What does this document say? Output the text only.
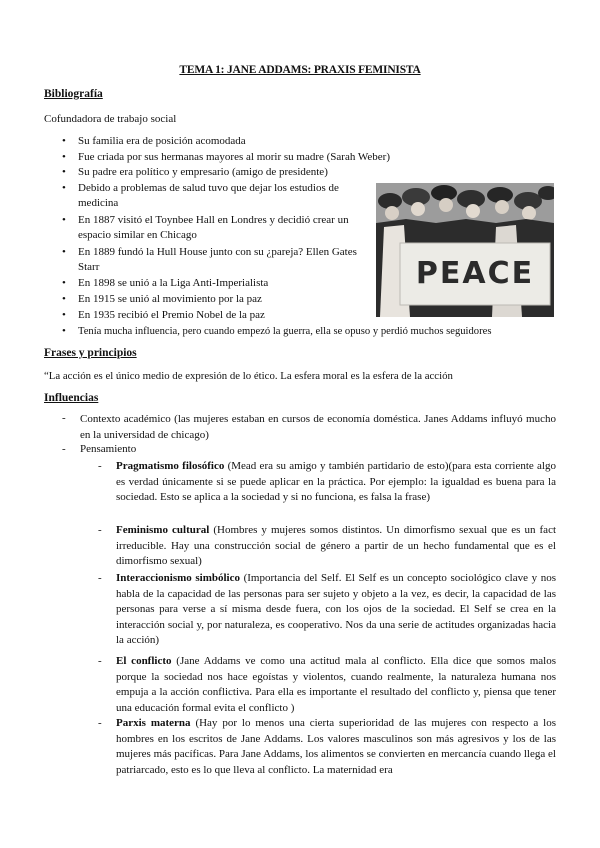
TEMA 1: JANE ADDAMS: PRAXIS FEMINISTA
Bibliografía
Cofundadora de trabajo social
• Su familia era de posición acomodada
• Fue criada por sus hermanas mayores al morir su madre (Sarah Weber)
• Su padre era político y empresario (amigo de presidente)
• Debido a problemas de salud tuvo que dejar los estudios de medicina
• En 1887 visitó el Toynbee Hall en Londres y decidió crear un espacio similar en Chicago
• En 1889 fundó la Hull House junto con su ¿pareja? Ellen Gates Starr
• En 1898 se unió a la Liga Anti-Imperialista
• En 1915 se unió al movimiento por la paz
• En 1935 recibió el Premio Nobel de la paz
• Tenía mucha influencia, pero cuando empezó la guerra, ella se opuso y perdió muchos seguidores
PEACE
Frases y principios
“La acción es el único medio de expresión de lo ético. La esfera moral es la esfera de la acción
Influencias
- Contexto académico (las mujeres estaban en cursos de economía doméstica. Janes Addams influyó mucho en la universidad de chicago)
- Pensamiento
- Pragmatismo filosófico (Mead era su amigo y también partidario de esto)(para esta corriente algo es verdad únicamente si se puede aplicar en la práctica. Por ejemplo: la igualdad es buena para la sociedad. Esto se aplica a la sociedad y si no funciona, es falsa la frase)
- Feminismo cultural (Hombres y mujeres somos distintos. Un dimorfismo sexual que es un fact irreducible. Hay una construcción social de género a partir de un hecho fundamental que es el dimorfismo sexual)
- Interaccionismo simbólico (Importancia del Self. El Self es un concepto sociológico clave y nos habla de la capacidad de las personas para ser sujeto y objeto a la vez, es decir, la capacidad de las personas para verse a sí misma desde fuera, con los ojos de la sociedad. El Self se crea en la interacción social y, por naturaleza, es cooperativo. Nos da una serie de actitudes organizadas hacia la acción)
- El conflicto (Jane Addams ve como una actitud mala al conflicto. Ella dice que somos malos porque la sociedad nos hace egoístas y violentos, cuando realmente, la naturaleza humana nos empuja a la acción conflictiva. Para ella es importante el resultado del conflicto y, piensa que tener una educación formal evita el conflicto )
- Parxis materna (Hay por lo menos una cierta superioridad de las mujeres con respecto a los hombres en los escritos de Jane Addams. Los valores masculinos son más agresivos y los de las mujeres más pacíficas. Para Jane Addams, los alimentos se convierten en mercancía cuando llega el patriarcado, esto es lo que lleva al conflicto. La maternidad era
